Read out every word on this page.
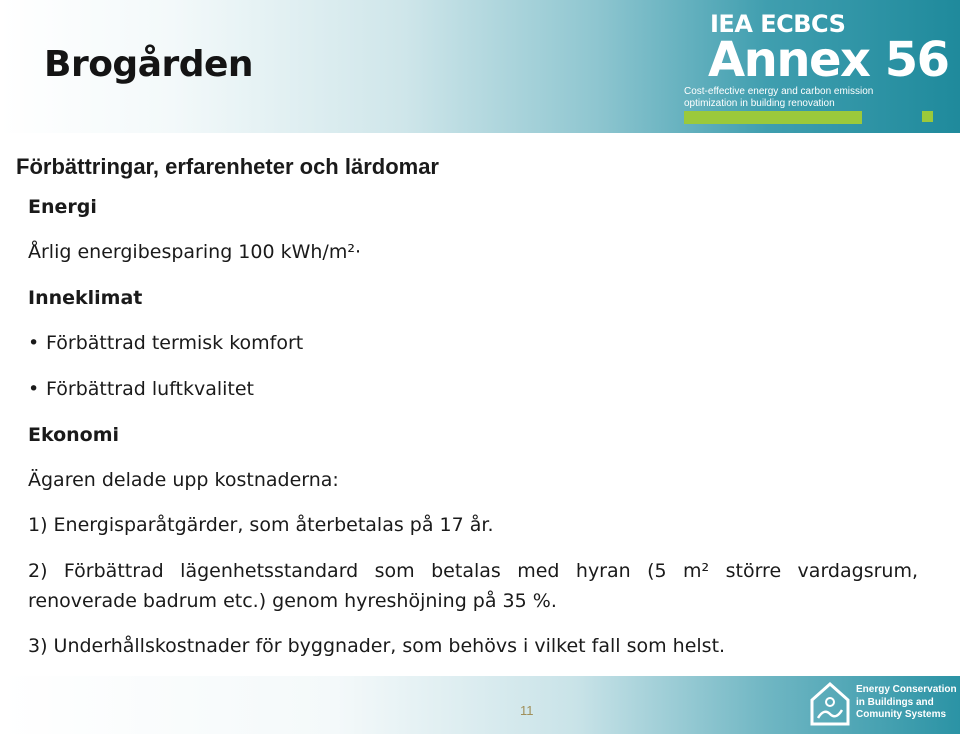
Brogården
IEA ECBCS
Annex 56
Cost-effective energy and carbon emission optimization in building renovation
Förbättringar, erfarenheter och lärdomar

Energi

Årlig energibesparing 100 kWh/m²·

Inneklimat

• Förbättrad termisk komfort
• Förbättrad luftkvalitet

Ekonomi

Ägaren delade upp kostnaderna:

1) Energisparåtgärder, som återbetalas på 17 år.

2) Förbättrad lägenhetsstandard som betalas med hyran (5 m² större vardagsrum, renoverade badrum etc.) genom hyreshöjning på 35 %.

3) Underhållskostnader för byggnader, som behövs i vilket fall som helst.

11
Energy Conservation
in Buildings and
Comunity Systems
